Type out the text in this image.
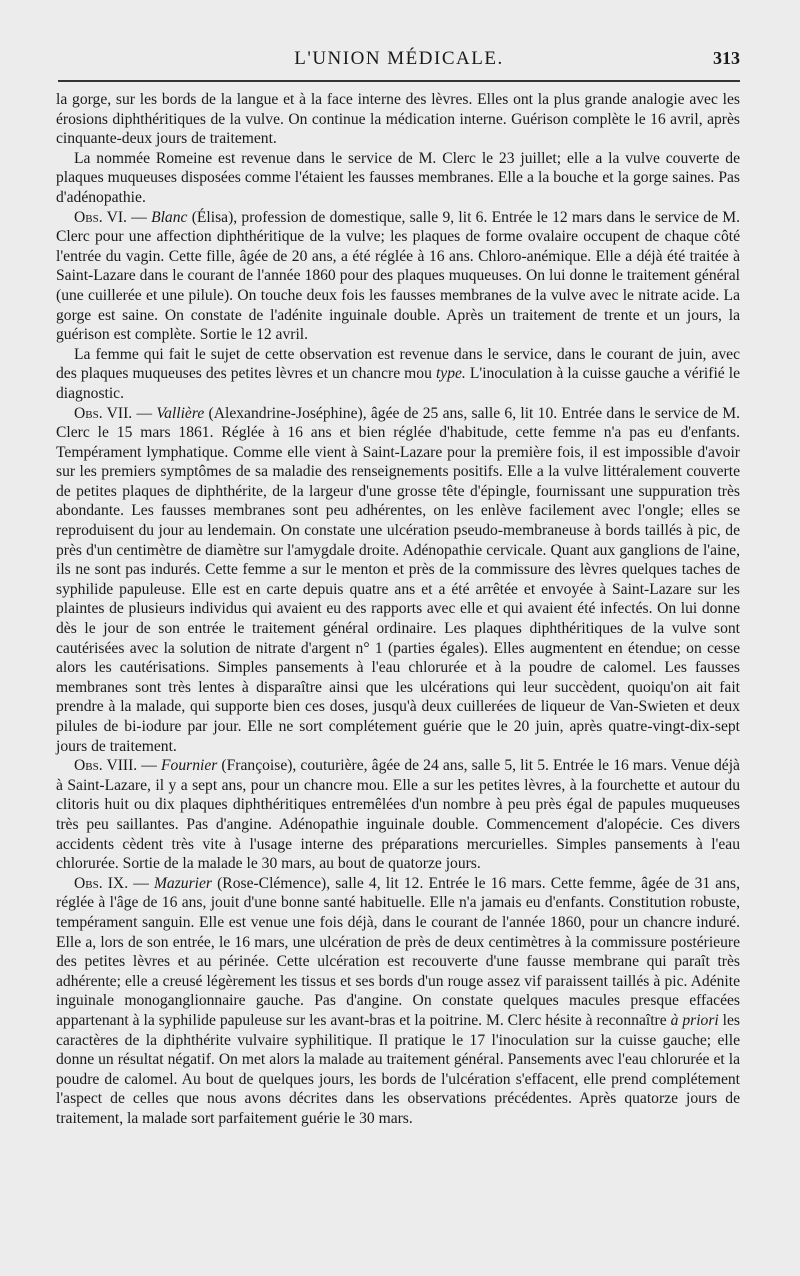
L'UNION MÉDICALE.	313

la gorge, sur les bords de la langue et à la face interne des lèvres. Elles ont la plus grande analogie avec les érosions diphthéritiques de la vulve. On continue la médication interne. Guérison complète le 16 avril, après cinquante-deux jours de traitement.

La nommée Romeine est revenue dans le service de M. Clerc le 23 juillet; elle a la vulve couverte de plaques muqueuses disposées comme l'étaient les fausses membranes. Elle a la bouche et la gorge saines. Pas d'adénopathie.

Obs. VI. — Blanc (Élisa), profession de domestique, salle 9, lit 6. Entrée le 12 mars dans le service de M. Clerc pour une affection diphthéritique de la vulve; les plaques de forme ovalaire occupent de chaque côté l'entrée du vagin. Cette fille, âgée de 20 ans, a été réglée à 16 ans. Chloro-anémique. Elle a déjà été traitée à Saint-Lazare dans le courant de l'année 1860 pour des plaques muqueuses. On lui donne le traitement général (une cuillerée et une pilule). On touche deux fois les fausses membranes de la vulve avec le nitrate acide. La gorge est saine. On constate de l'adénite inguinale double. Après un traitement de trente et un jours, la guérison est complète. Sortie le 12 avril.

La femme qui fait le sujet de cette observation est revenue dans le service, dans le courant de juin, avec des plaques muqueuses des petites lèvres et un chancre mou type. L'inoculation à la cuisse gauche a vérifié le diagnostic.

Obs. VII. — Vallière (Alexandrine-Joséphine), âgée de 25 ans, salle 6, lit 10. Entrée dans le service de M. Clerc le 15 mars 1861. Réglée à 16 ans et bien réglée d'habitude, cette femme n'a pas eu d'enfants. Tempérament lymphatique. Comme elle vient à Saint-Lazare pour la première fois, il est impossible d'avoir sur les premiers symptômes de sa maladie des renseignements positifs. Elle a la vulve littéralement couverte de petites plaques de diphthérite, de la largeur d'une grosse tête d'épingle, fournissant une suppuration très abondante. Les fausses membranes sont peu adhérentes, on les enlève facilement avec l'ongle; elles se reproduisent du jour au lendemain. On constate une ulcération pseudo-membraneuse à bords taillés à pic, de près d'un centimètre de diamètre sur l'amygdale droite. Adénopathie cervicale. Quant aux ganglions de l'aine, ils ne sont pas indurés. Cette femme a sur le menton et près de la commissure des lèvres quelques taches de syphilide papuleuse. Elle est en carte depuis quatre ans et a été arrêtée et envoyée à Saint-Lazare sur les plaintes de plusieurs individus qui avaient eu des rapports avec elle et qui avaient été infectés. On lui donne dès le jour de son entrée le traitement général ordinaire. Les plaques diphthéritiques de la vulve sont cautérisées avec la solution de nitrate d'argent n° 1 (parties égales). Elles augmentent en étendue; on cesse alors les cautérisations. Simples pansements à l'eau chlorurée et à la poudre de calomel. Les fausses membranes sont très lentes à disparaître ainsi que les ulcérations qui leur succèdent, quoiqu'on ait fait prendre à la malade, qui supporte bien ces doses, jusqu'à deux cuillerées de liqueur de Van-Swieten et deux pilules de bi-iodure par jour. Elle ne sort complétement guérie que le 20 juin, après quatre-vingt-dix-sept jours de traitement.

Obs. VIII. — Fournier (Françoise), couturière, âgée de 24 ans, salle 5, lit 5. Entrée le 16 mars. Venue déjà à Saint-Lazare, il y a sept ans, pour un chancre mou. Elle a sur les petites lèvres, à la fourchette et autour du clitoris huit ou dix plaques diphthéritiques entremêlées d'un nombre à peu près égal de papules muqueuses très peu saillantes. Pas d'angine. Adénopathie inguinale double. Commencement d'alopécie. Ces divers accidents cèdent très vite à l'usage interne des préparations mercurielles. Simples pansements à l'eau chlorurée. Sortie de la malade le 30 mars, au bout de quatorze jours.

Obs. IX. — Mazurier (Rose-Clémence), salle 4, lit 12. Entrée le 16 mars. Cette femme, âgée de 31 ans, réglée à l'âge de 16 ans, jouit d'une bonne santé habituelle. Elle n'a jamais eu d'enfants. Constitution robuste, tempérament sanguin. Elle est venue une fois déjà, dans le courant de l'année 1860, pour un chancre induré. Elle a, lors de son entrée, le 16 mars, une ulcération de près de deux centimètres à la commissure postérieure des petites lèvres et au périnée. Cette ulcération est recouverte d'une fausse membrane qui paraît très adhérente; elle a creusé légèrement les tissus et ses bords d'un rouge assez vif paraissent taillés à pic. Adénite inguinale monoganglionnaire gauche. Pas d'angine. On constate quelques macules presque effacées appartenant à la syphilide papuleuse sur les avant-bras et la poitrine. M. Clerc hésite à reconnaître à priori les caractères de la diphthérite vulvaire syphilitique. Il pratique le 17 l'inoculation sur la cuisse gauche; elle donne un résultat négatif. On met alors la malade au traitement général. Pansements avec l'eau chlorurée et la poudre de calomel. Au bout de quelques jours, les bords de l'ulcération s'effacent, elle prend complétement l'aspect de celles que nous avons décrites dans les observations précédentes. Après quatorze jours de traitement, la malade sort parfaitement guérie le 30 mars.
